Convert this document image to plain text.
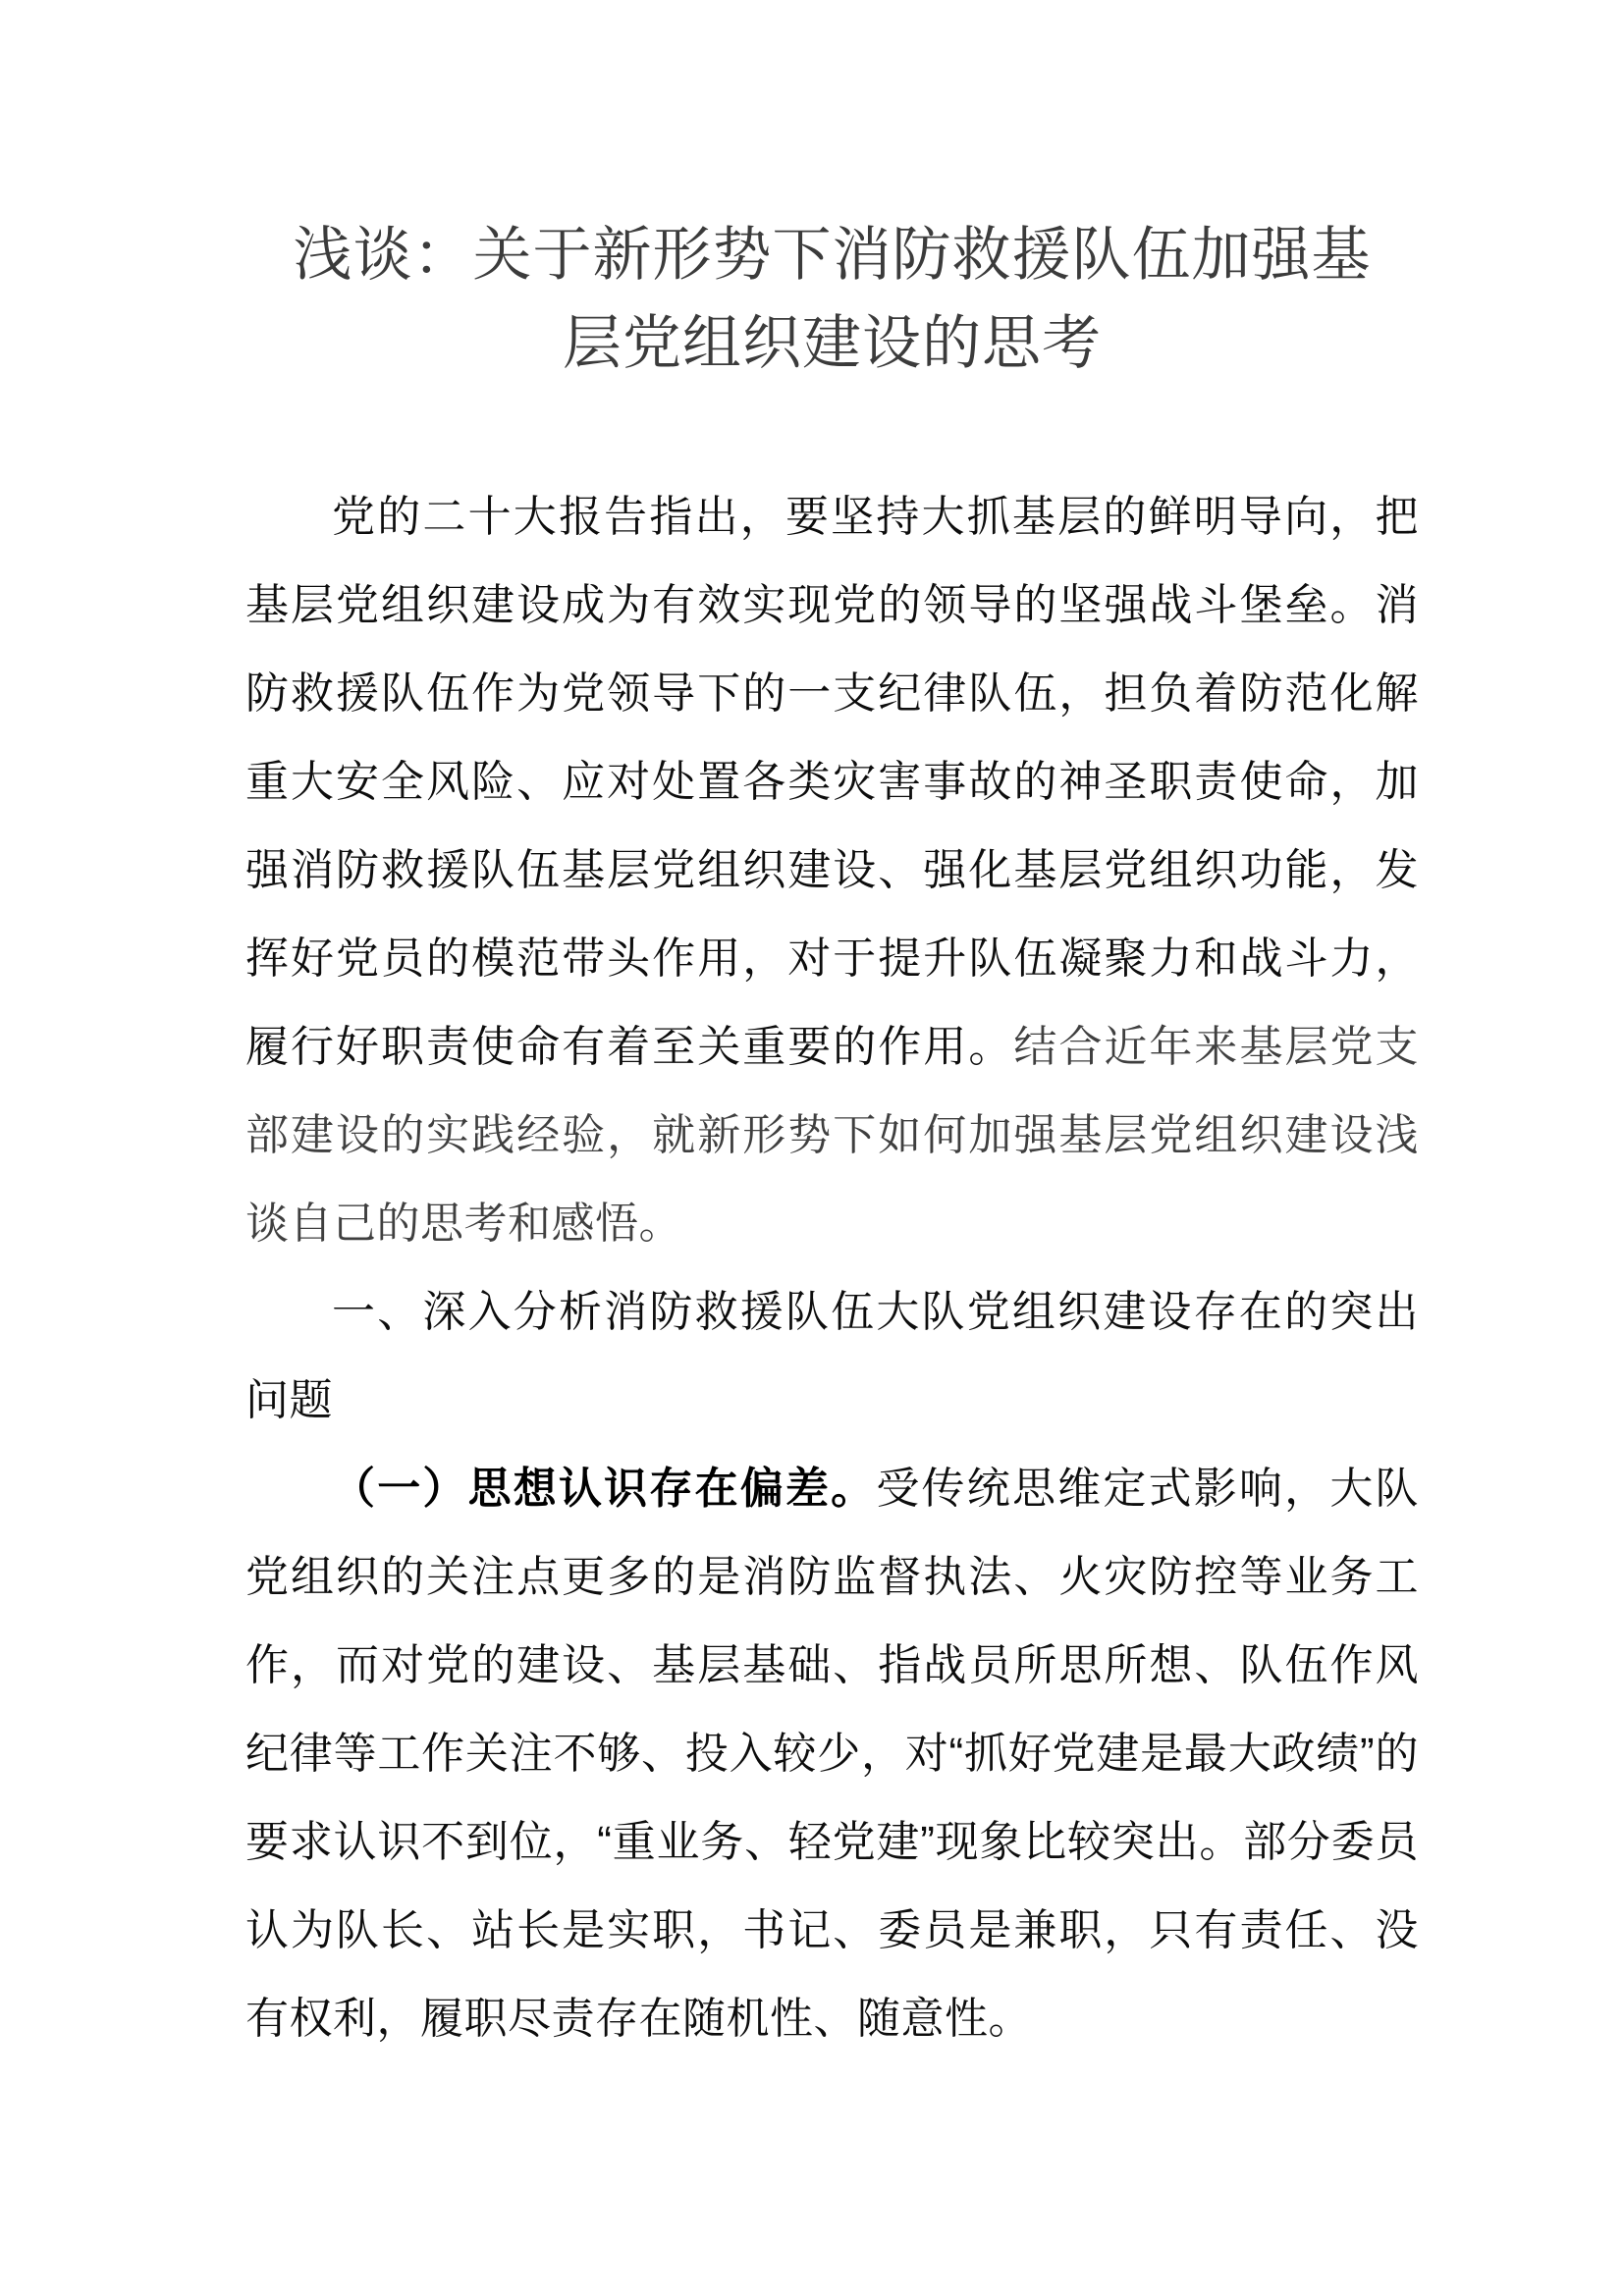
浅谈：关于新形势下消防救援队伍加强基
层党组织建设的思考

党的二十大报告指出，要坚持大抓基层的鲜明导向，把基层党组织建设成为有效实现党的领导的坚强战斗堡垒。消防救援队伍作为党领导下的一支纪律队伍，担负着防范化解重大安全风险、应对处置各类灾害事故的神圣职责使命，加强消防救援队伍基层党组织建设、强化基层党组织功能，发挥好党员的模范带头作用，对于提升队伍凝聚力和战斗力，履行好职责使命有着至关重要的作用。结合近年来基层党支部建设的实践经验，就新形势下如何加强基层党组织建设浅谈自己的思考和感悟。

一、深入分析消防救援队伍大队党组织建设存在的突出问题

（一）思想认识存在偏差。受传统思维定式影响，大队党组织的关注点更多的是消防监督执法、火灾防控等业务工作，而对党的建设、基层基础、指战员所思所想、队伍作风纪律等工作关注不够、投入较少，对“抓好党建是最大政绩”的要求认识不到位，“重业务、轻党建”现象比较突出。部分委员认为队长、站长是实职，书记、委员是兼职，只有责任、没有权利，履职尽责存在随机性、随意性。
